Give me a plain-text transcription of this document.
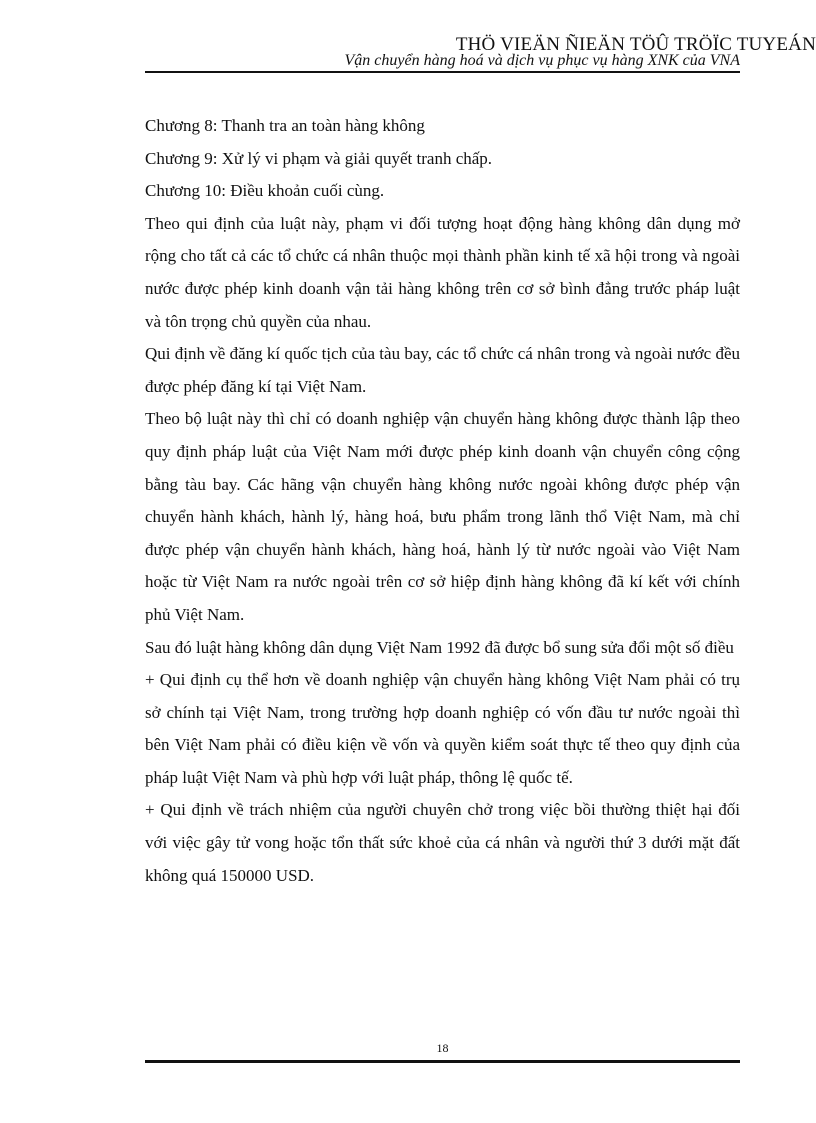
THÖ VIEÄN ÑIEÄN TÖÛ TRÖÏC TUYEÁN
Vận chuyển hàng hoá và dịch vụ phục vụ hàng XNK của VNA

Chương 8: Thanh tra an toàn hàng không

Chương 9: Xử lý vi phạm và giải quyết tranh chấp.

Chương 10: Điều khoản cuối cùng.

Theo qui định của luật này, phạm vi đối tượng hoạt động hàng không dân dụng mở rộng cho tất cả các tổ chức cá nhân thuộc mọi thành phần kinh tế xã hội trong và ngoài nước được phép kinh doanh vận tải hàng không trên cơ sở bình đẳng trước pháp luật và tôn trọng chủ quyền của nhau.

Qui định về đăng kí quốc tịch của tàu bay, các tổ chức cá nhân trong và ngoài nước đều được phép đăng kí tại Việt Nam.

Theo bộ luật này thì chỉ có doanh nghiệp vận chuyển hàng không được thành lập theo quy định pháp luật của Việt Nam mới được phép kinh doanh vận chuyển công cộng bằng tàu bay. Các hãng vận chuyển hàng không nước ngoài không được phép vận chuyển hành khách, hành lý, hàng hoá, bưu phẩm trong lãnh thổ Việt Nam, mà chỉ được phép vận chuyển hành khách, hàng hoá, hành lý từ nước ngoài vào Việt Nam hoặc từ Việt Nam ra nước ngoài trên cơ sở hiệp định hàng không đã kí kết với chính phủ Việt Nam.

Sau đó luật hàng không dân dụng Việt Nam 1992 đã được bổ sung sửa đổi một số điều

+ Qui định cụ thể hơn về doanh nghiệp vận chuyển hàng không Việt Nam phải có trụ sở chính tại Việt Nam, trong trường hợp doanh nghiệp có vốn đầu tư nước ngoài thì bên Việt Nam phải có điều kiện về vốn và quyền kiểm soát thực tế theo quy định của pháp luật Việt Nam và phù hợp với luật pháp, thông lệ quốc tế.

+ Qui định về trách nhiệm của người chuyên chở trong việc bồi thường thiệt hại đối với việc gây tử vong hoặc tổn thất sức khoẻ của cá nhân và người thứ 3 dưới mặt đất không quá 150000 USD.

18
